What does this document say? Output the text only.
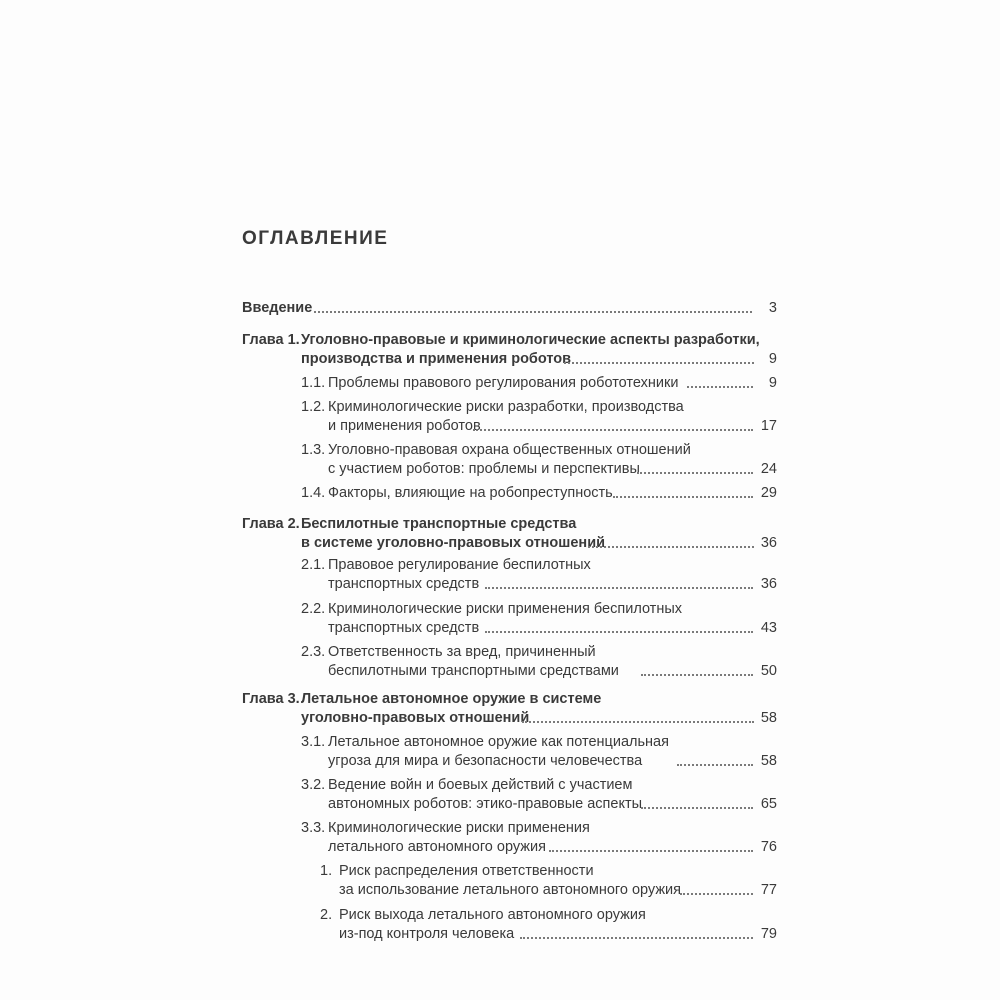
ОГЛАВЛЕНИЕ
Введение	3
Глава 1. Уголовно-правовые и криминологические аспекты разработки,
производства и применения роботов	9
1.1. Проблемы правового регулирования робототехники	9
1.2. Криминологические риски разработки, производства
и применения роботов	17
1.3. Уголовно-правовая охрана общественных отношений
с участием роботов: проблемы и перспективы	24
1.4. Факторы, влияющие на робопреступность	29
Глава 2. Беспилотные транспортные средства
в системе уголовно-правовых отношений	36
2.1. Правовое регулирование беспилотных
транспортных средств	36
2.2. Криминологические риски применения беспилотных
транспортных средств	43
2.3. Ответственность за вред, причиненный
беспилотными транспортными средствами	50
Глава 3. Летальное автономное оружие в системе
уголовно-правовых отношений	58
3.1. Летальное автономное оружие как потенциальная
угроза для мира и безопасности человечества	58
3.2. Ведение войн и боевых действий с участием
автономных роботов: этико-правовые аспекты	65
3.3. Криминологические риски применения
летального автономного оружия	76
1. Риск распределения ответственности
за использование летального автономного оружия	77
2. Риск выхода летального автономного оружия
из-под контроля человека	79
